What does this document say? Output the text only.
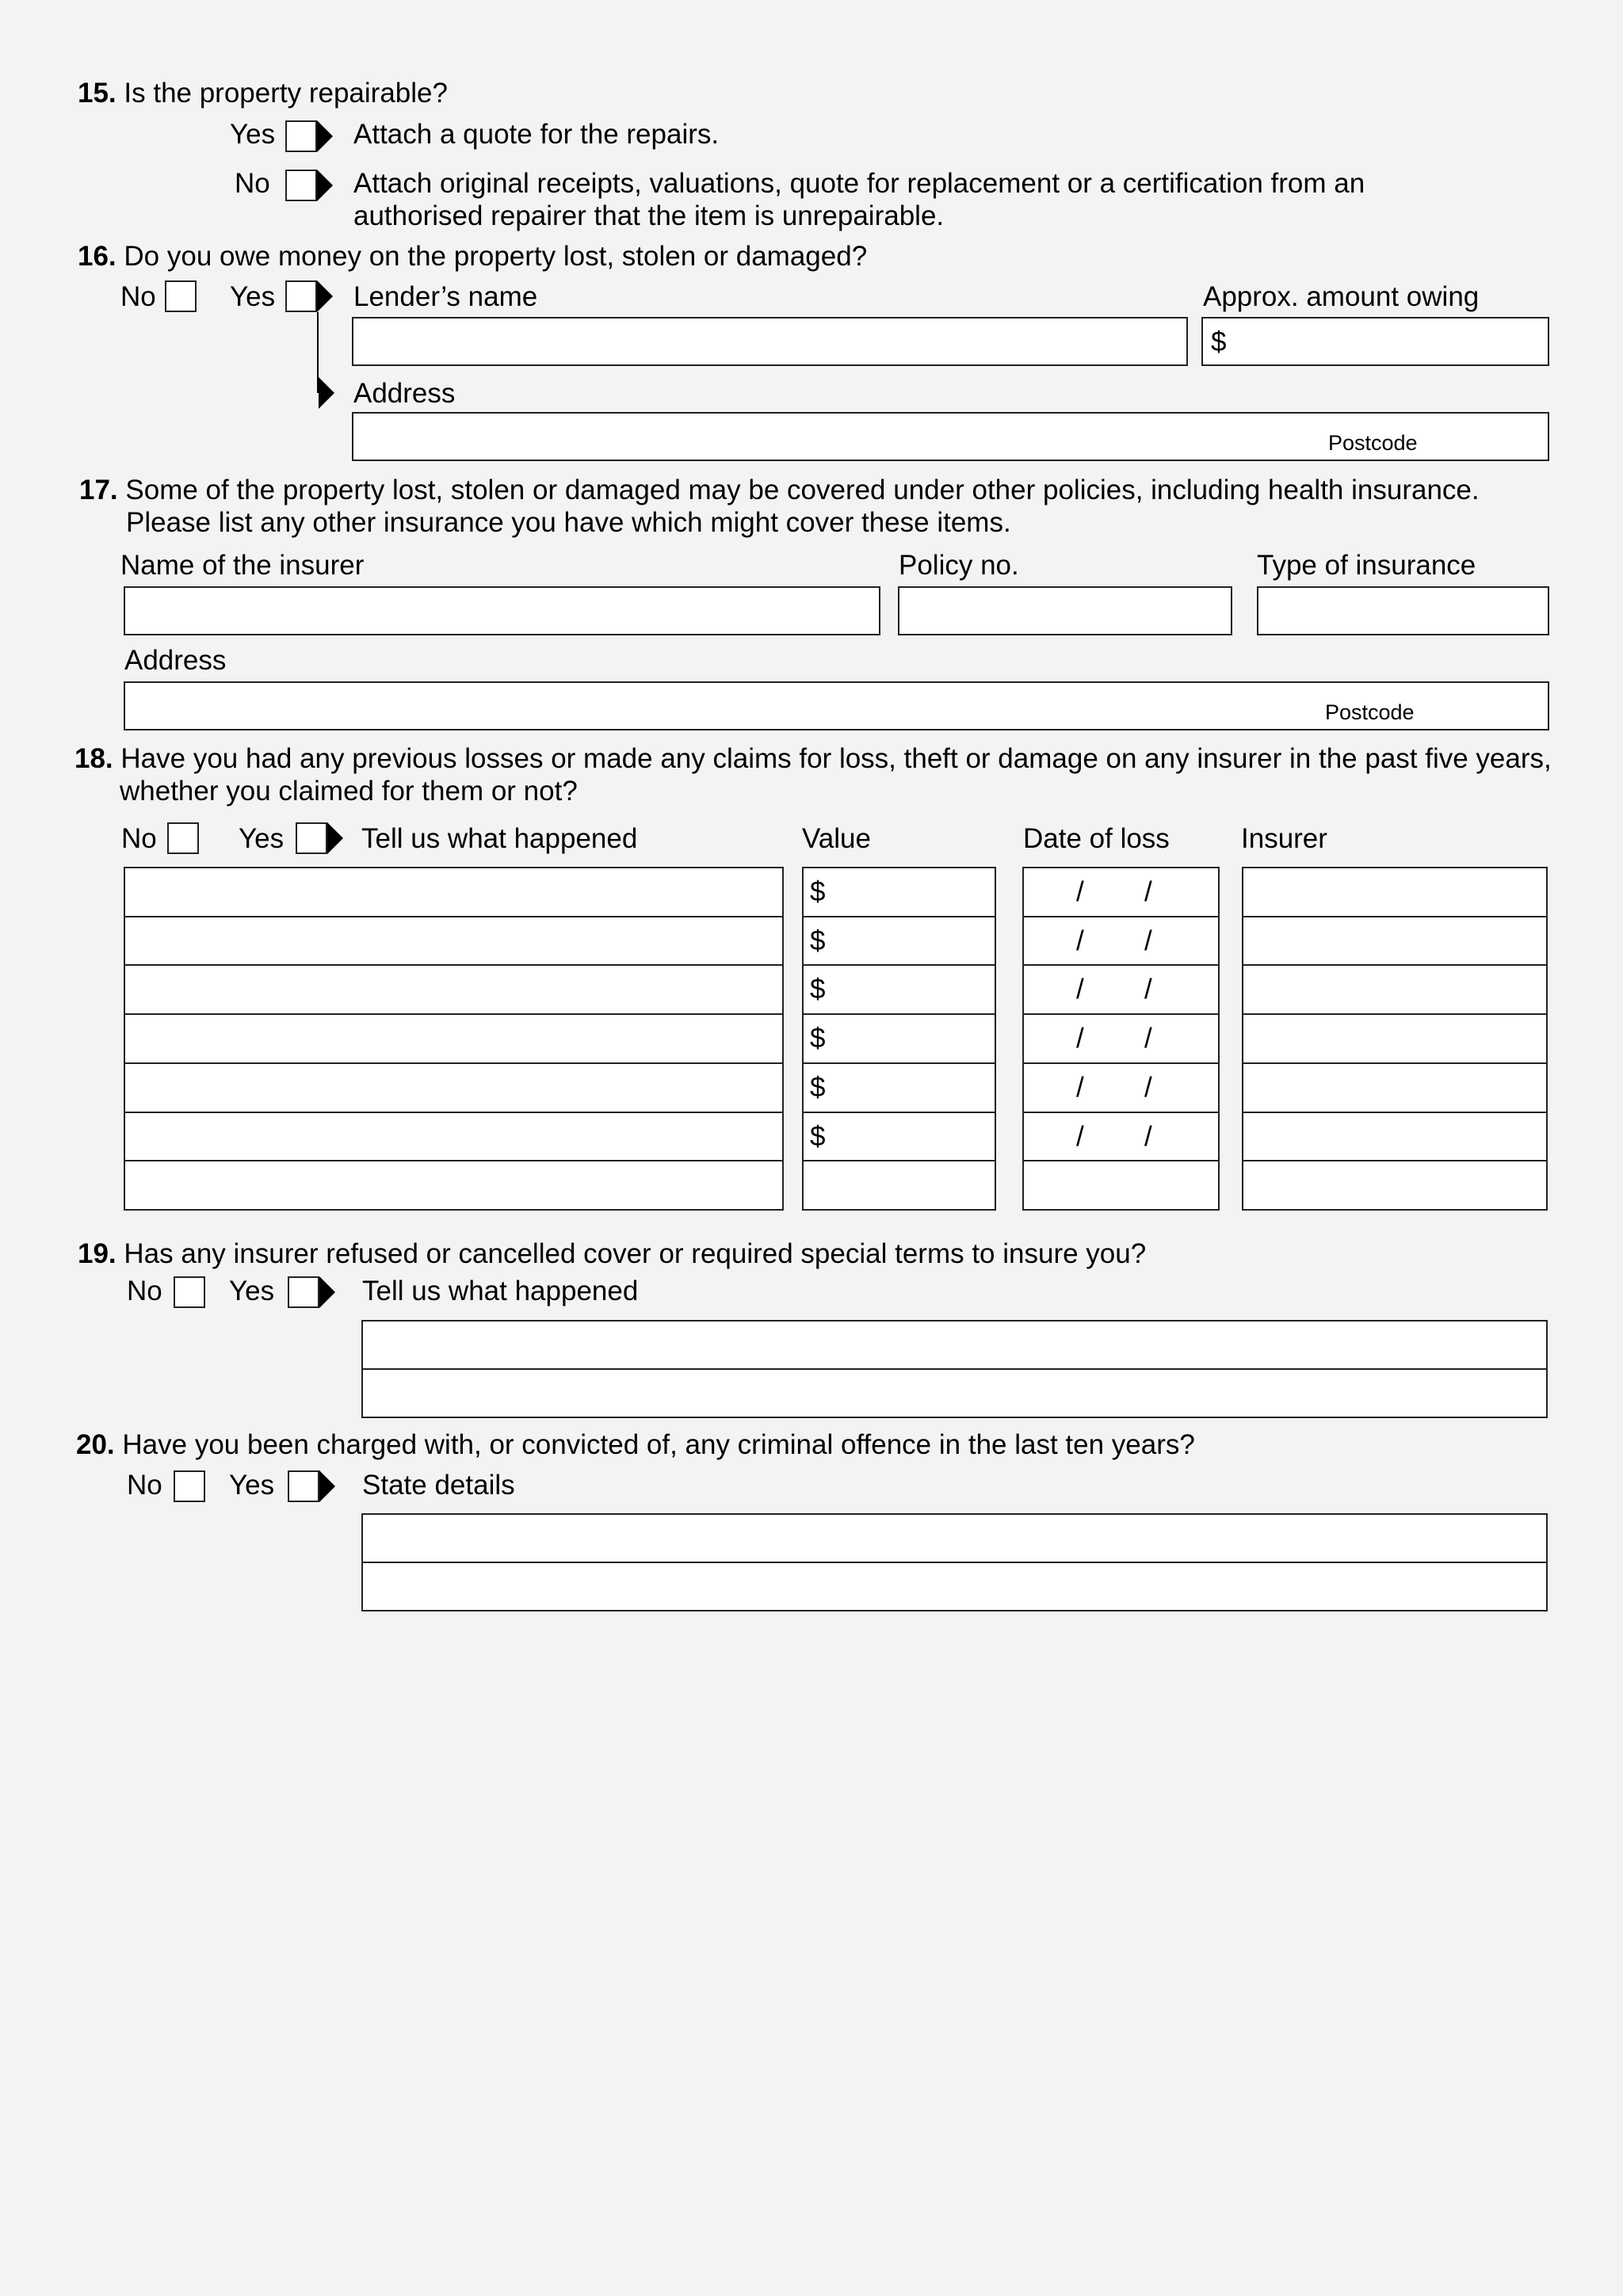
15. Is the property repairable?
Yes	Attach a quote for the repairs.
No	Attach original receipts, valuations, quote for replacement or a certification from an
authorised repairer that the item is unrepairable.
16. Do you owe money on the property lost, stolen or damaged?
No	Yes	Lender’s name	Approx. amount owing
$
Address
Postcode
17. Some of the property lost, stolen or damaged may be covered under other policies, including health insurance.
Please list any other insurance you have which might cover these items.
Name of the insurer	Policy no.	Type of insurance
Address
Postcode
18. Have you had any previous losses or made any claims for loss, theft or damage on any insurer in the past five years,
whether you claimed for them or not?
No	Yes	Tell us what happened	Value	Date of loss	Insurer
$	/ /
$	/ /
$	/ /
$	/ /
$	/ /
$	/ /
19. Has any insurer refused or cancelled cover or required special terms to insure you?
No Yes	Tell us what happened
20. Have you been charged with, or convicted of, any criminal offence in the last ten years?
No Yes	State details
